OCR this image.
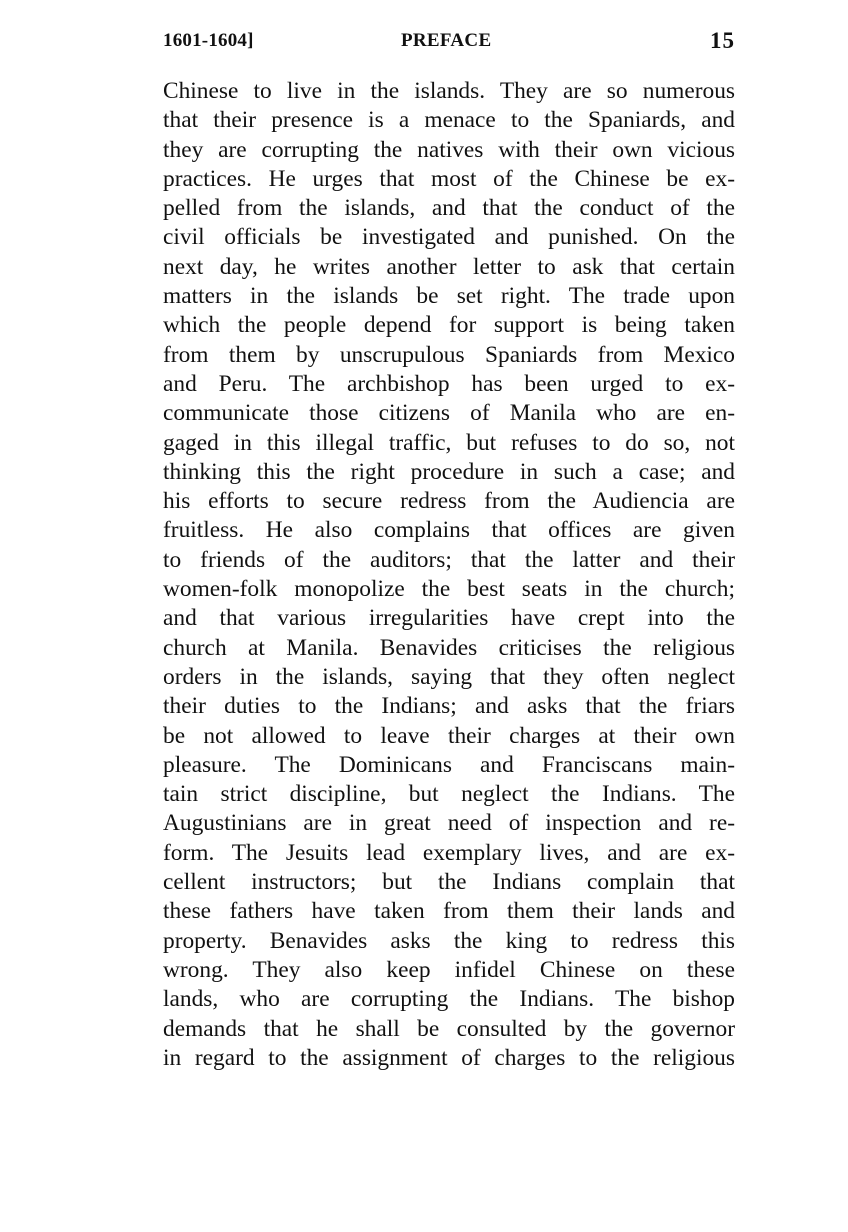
1601-1604]	PREFACE	15
Chinese to live in the islands. They are so numerous
that their presence is a menace to the Spaniards, and
they are corrupting the natives with their own vicious
practices. He urges that most of the Chinese be ex-
pelled from the islands, and that the conduct of the
civil officials be investigated and punished. On the
next day, he writes another letter to ask that certain
matters in the islands be set right. The trade upon
which the people depend for support is being taken
from them by unscrupulous Spaniards from Mexico
and Peru. The archbishop has been urged to ex-
communicate those citizens of Manila who are en-
gaged in this illegal traffic, but refuses to do so, not
thinking this the right procedure in such a case; and
his efforts to secure redress from the Audiencia are
fruitless. He also complains that offices are given
to friends of the auditors; that the latter and their
women-folk monopolize the best seats in the church;
and that various irregularities have crept into the
church at Manila. Benavides criticises the religious
orders in the islands, saying that they often neglect
their duties to the Indians; and asks that the friars
be not allowed to leave their charges at their own
pleasure. The Dominicans and Franciscans main-
tain strict discipline, but neglect the Indians. The
Augustinians are in great need of inspection and re-
form. The Jesuits lead exemplary lives, and are ex-
cellent instructors; but the Indians complain that
these fathers have taken from them their lands and
property. Benavides asks the king to redress this
wrong. They also keep infidel Chinese on these
lands, who are corrupting the Indians. The bishop
demands that he shall be consulted by the governor
in regard to the assignment of charges to the religious
